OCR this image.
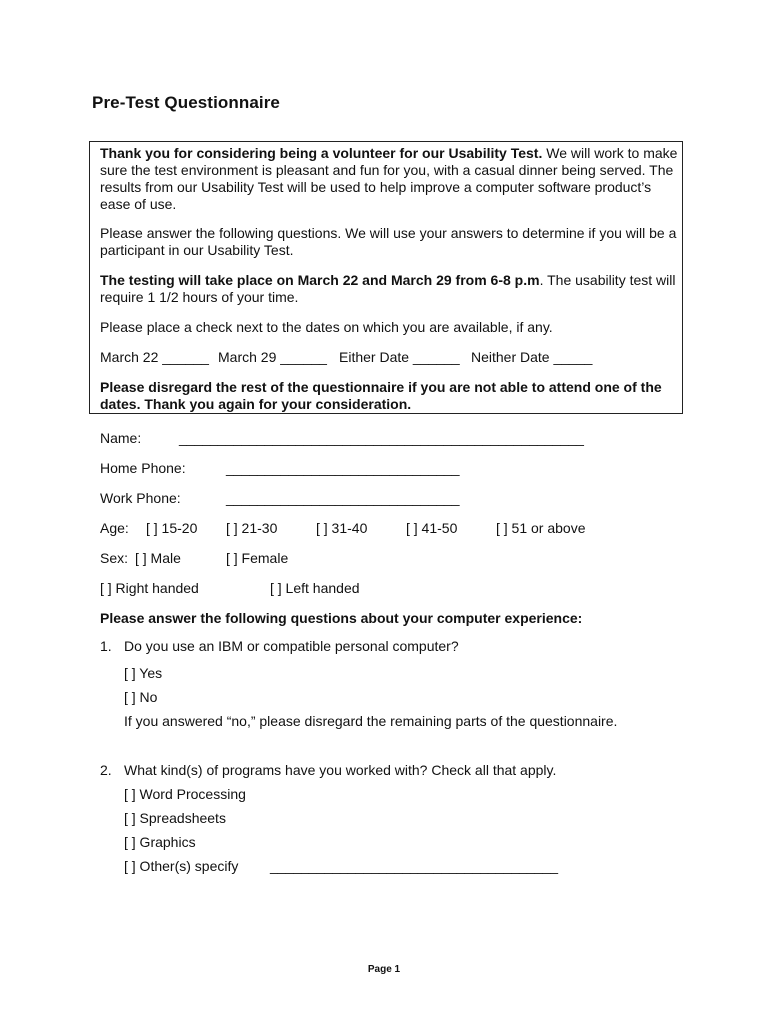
Pre-Test Questionnaire
Thank you for considering being a volunteer for our Usability Test. We will work to make sure the test environment is pleasant and fun for you, with a casual dinner being served. The results from our Usability Test will be used to help improve a computer software product’s ease of use.
Please answer the following questions. We will use your answers to determine if you will be a participant in our Usability Test.
The testing will take place on March 22 and March 29 from 6-8 p.m. The usability test will require 1 1/2 hours of your time.
Please place a check next to the dates on which you are available, if any.
March 22 ______ March 29 ______ Either Date ______ Neither Date _____
Please disregard the rest of the questionnaire if you are not able to attend one of the dates. Thank you again for your consideration.
Name:	____________________________________________________
Home Phone:	______________________________
Work Phone:	______________________________
Age: [ ] 15-20 [ ] 21-30	[ ] 31-40	[ ] 41-50	[ ] 51 or above
Sex: [ ] Male	[ ] Female
[ ] Right handed	[ ] Left handed
Please answer the following questions about your computer experience:
1. Do you use an IBM or compatible personal computer?
[ ] Yes
[ ] No
If you answered “no,” please disregard the remaining parts of the questionnaire.
2. What kind(s) of programs have you worked with? Check all that apply.
[ ] Word Processing
[ ] Spreadsheets
[ ] Graphics
[ ] Other(s) specify _____________________________________
Page 1
